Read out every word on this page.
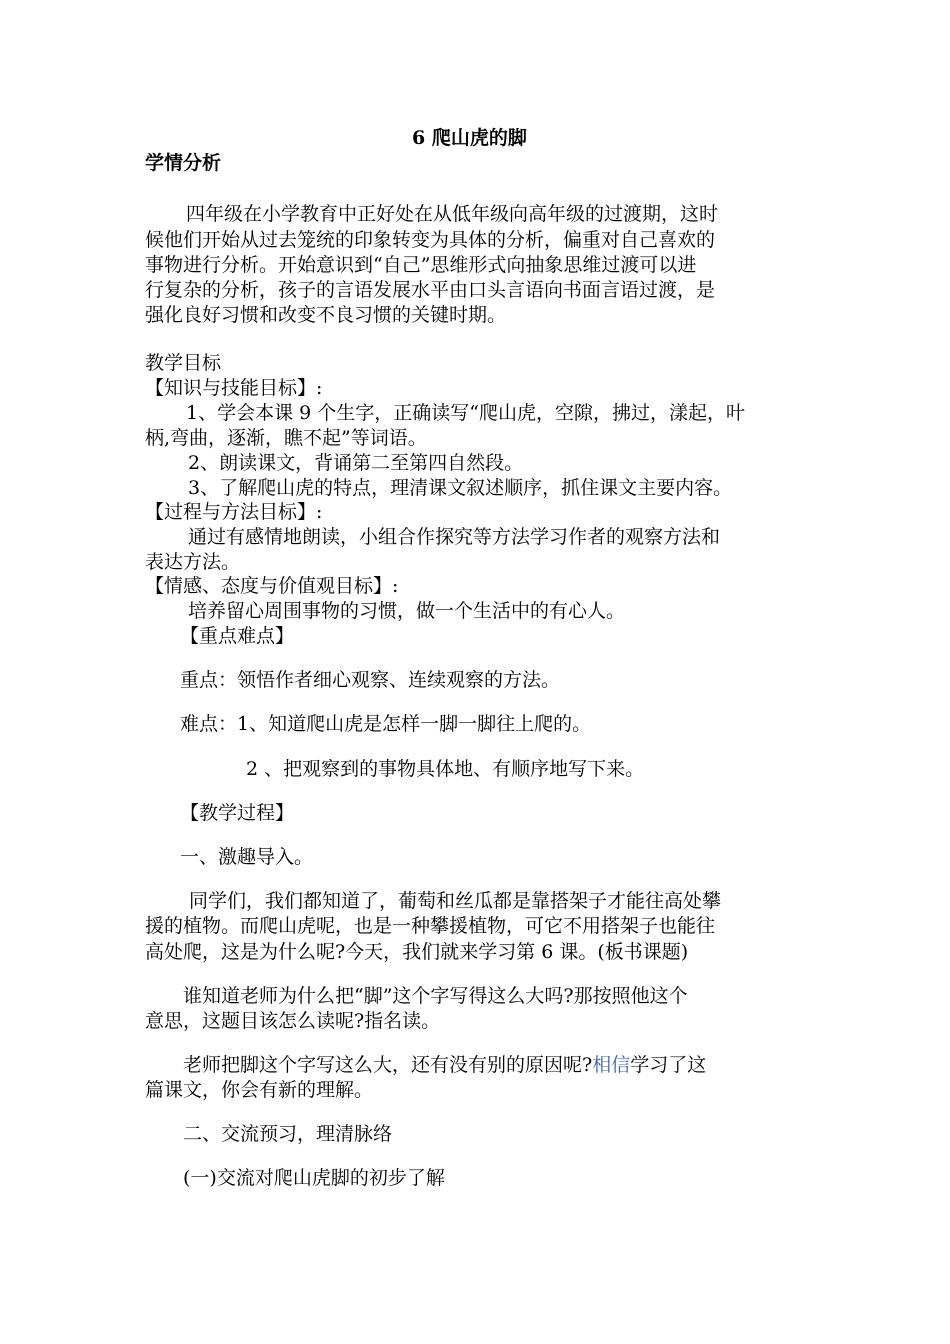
6 爬山虎的脚
学情分析
四年级在小学教育中正好处在从低年级向高年级的过渡期，这时
候他们开始从过去笼统的印象转变为具体的分析，偏重对自己喜欢的
事物进行分析。开始意识到“自己”思维形式向抽象思维过渡可以进
行复杂的分析，孩子的言语发展水平由口头言语向书面言语过渡，是
强化良好习惯和改变不良习惯的关键时期。
教学目标
【知识与技能目标】:
1、学会本课 9 个生字，正确读写“爬山虎，空隙，拂过，漾起，叶
柄,弯曲，逐渐，瞧不起”等词语。
2、朗读课文，背诵第二至第四自然段。
3、了解爬山虎的特点，理清课文叙述顺序，抓住课文主要内容。
【过程与方法目标】:
通过有感情地朗读，小组合作探究等方法学习作者的观察方法和
表达方法。
【情感、态度与价值观目标】:
培养留心周围事物的习惯，做一个生活中的有心人。
【重点难点】
重点：领悟作者细心观察、连续观察的方法。
难点：1、知道爬山虎是怎样一脚一脚往上爬的。
2 、把观察到的事物具体地、有顺序地写下来。
【教学过程】
一、激趣导入。
同学们，我们都知道了，葡萄和丝瓜都是靠搭架子才能往高处攀
援的植物。而爬山虎呢，也是一种攀援植物，可它不用搭架子也能往
高处爬，这是为什么呢?今天，我们就来学习第 6 课。(板书课题)
谁知道老师为什么把“脚”这个字写得这么大吗?那按照他这个
意思，这题目该怎么读呢?指名读。
老师把脚这个字写这么大，还有没有别的原因呢?相信学习了这
篇课文，你会有新的理解。
二、交流预习，理清脉络
(一)交流对爬山虎脚的初步了解
